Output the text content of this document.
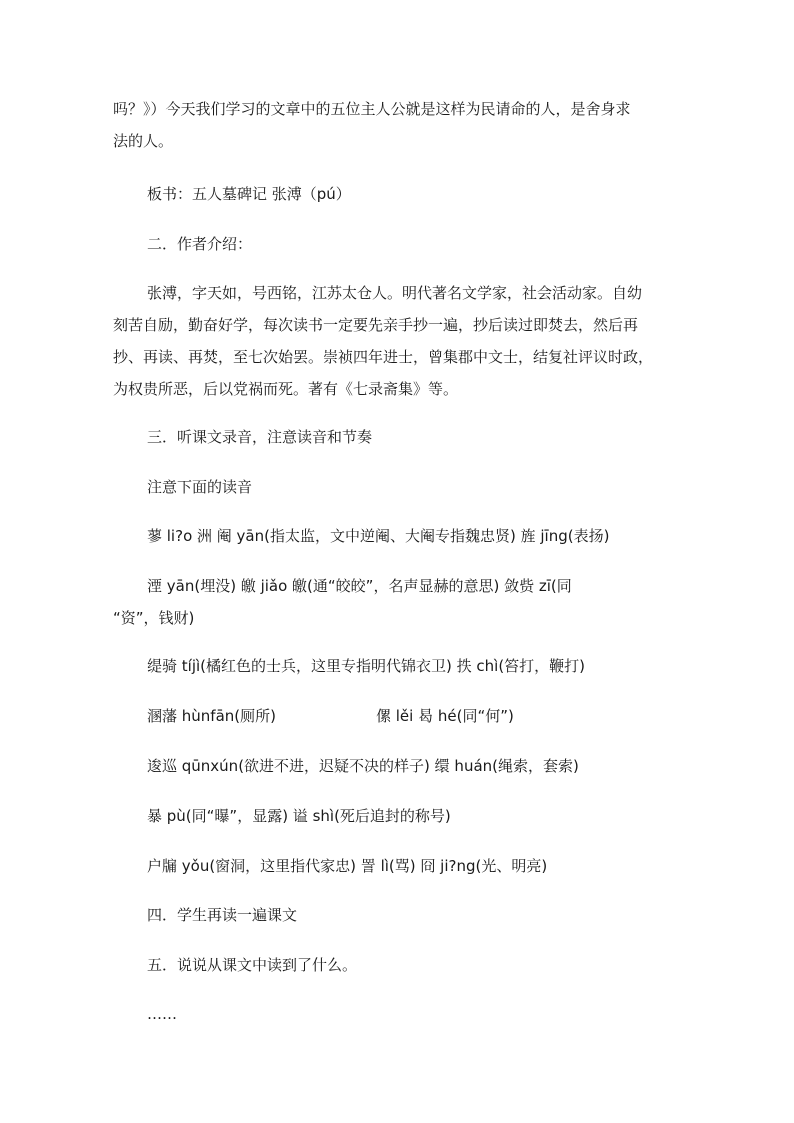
吗？》）今天我们学习的文章中的五位主人公就是这样为民请命的人，是舍身求
法的人。
板书：五人墓碑记 张溥（pú）
二．作者介绍：
张溥，字天如，号西铭，江苏太仓人。明代著名文学家，社会活动家。自幼
刻苦自励，勤奋好学，每次读书一定要先亲手抄一遍，抄后读过即焚去，然后再
抄、再读、再焚，至七次始罢。崇祯四年进士，曾集郡中文士，结复社评议时政，
为权贵所恶，后以党祸而死。著有《七录斋集》等。
三．听课文录音，注意读音和节奏
注意下面的读音
蓼 li?o 洲 阉 yān(指太监，文中逆阉、大阉专指魏忠贤) 旌 jīng(表扬)
湮 yān(埋没) 皦 jiǎo 皦(通“皎皎”，名声显赫的意思) 敛赀 zī(同
“资”，钱财)
缇骑 tíjì(橘红色的士兵，这里专指明代锦衣卫) 抶 chì(笞打，鞭打)
溷藩 hùnfān(厕所)	傫 lěi 曷 hé(同“何”)
逡巡 qūnxún(欲进不进，迟疑不决的样子) 缳 huán(绳索，套索)
暴 pù(同“曝”，显露) 谥 shì(死后追封的称号)
户牖 yǒu(窗洞，这里指代家忠) 詈 lì(骂) 冏 ji?ng(光、明亮)
四．学生再读一遍课文
五．说说从课文中读到了什么。
……
